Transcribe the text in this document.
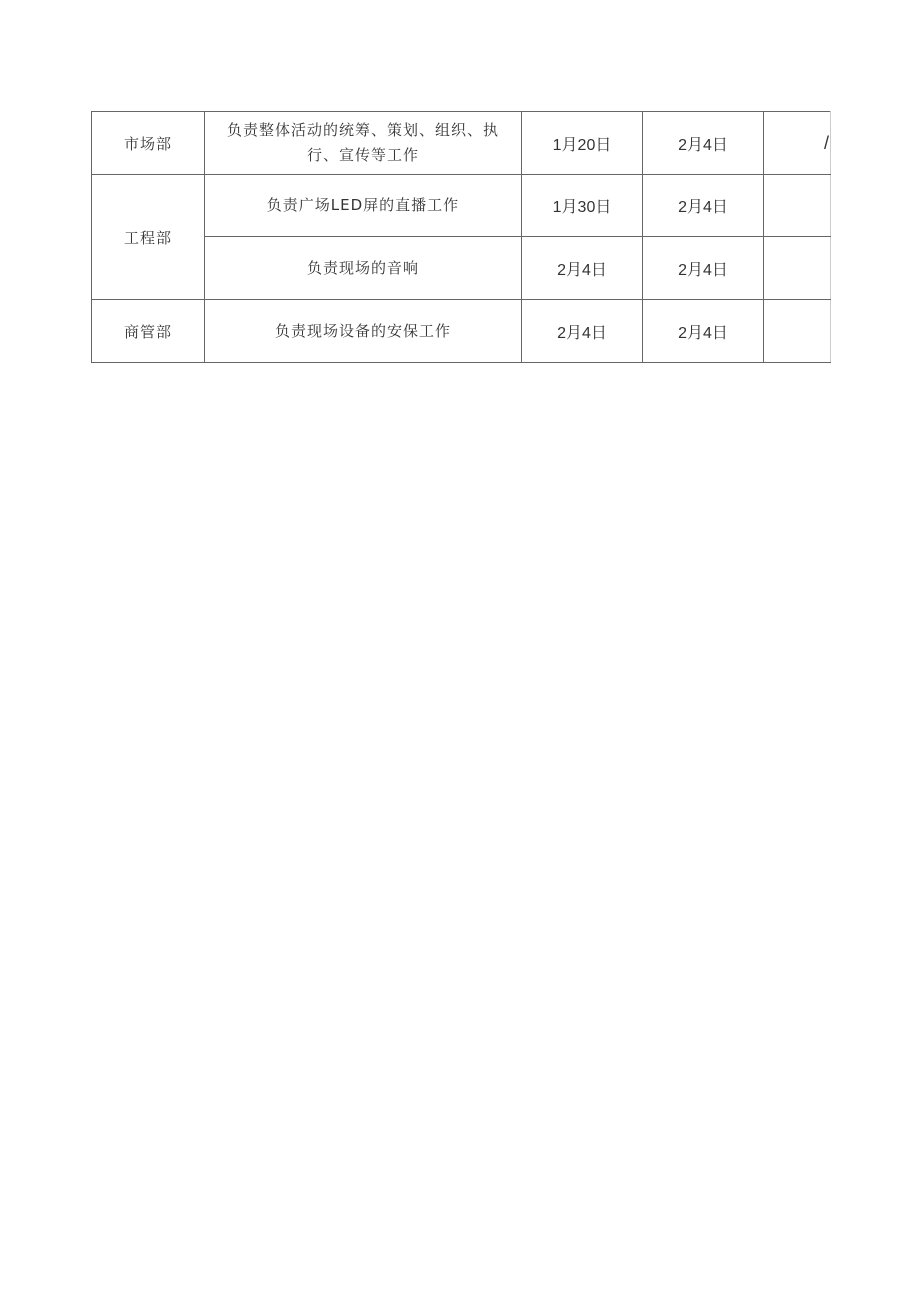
市场部	负责整体活动的统筹、策划、组织、执行、宣传等工作	1月20日	2月4日	/
工程部	负责广场LED屏的直播工作	1月30日	2月4日	
	负责现场的音响	2月4日	2月4日	
商管部	负责现场设备的安保工作	2月4日	2月4日	
